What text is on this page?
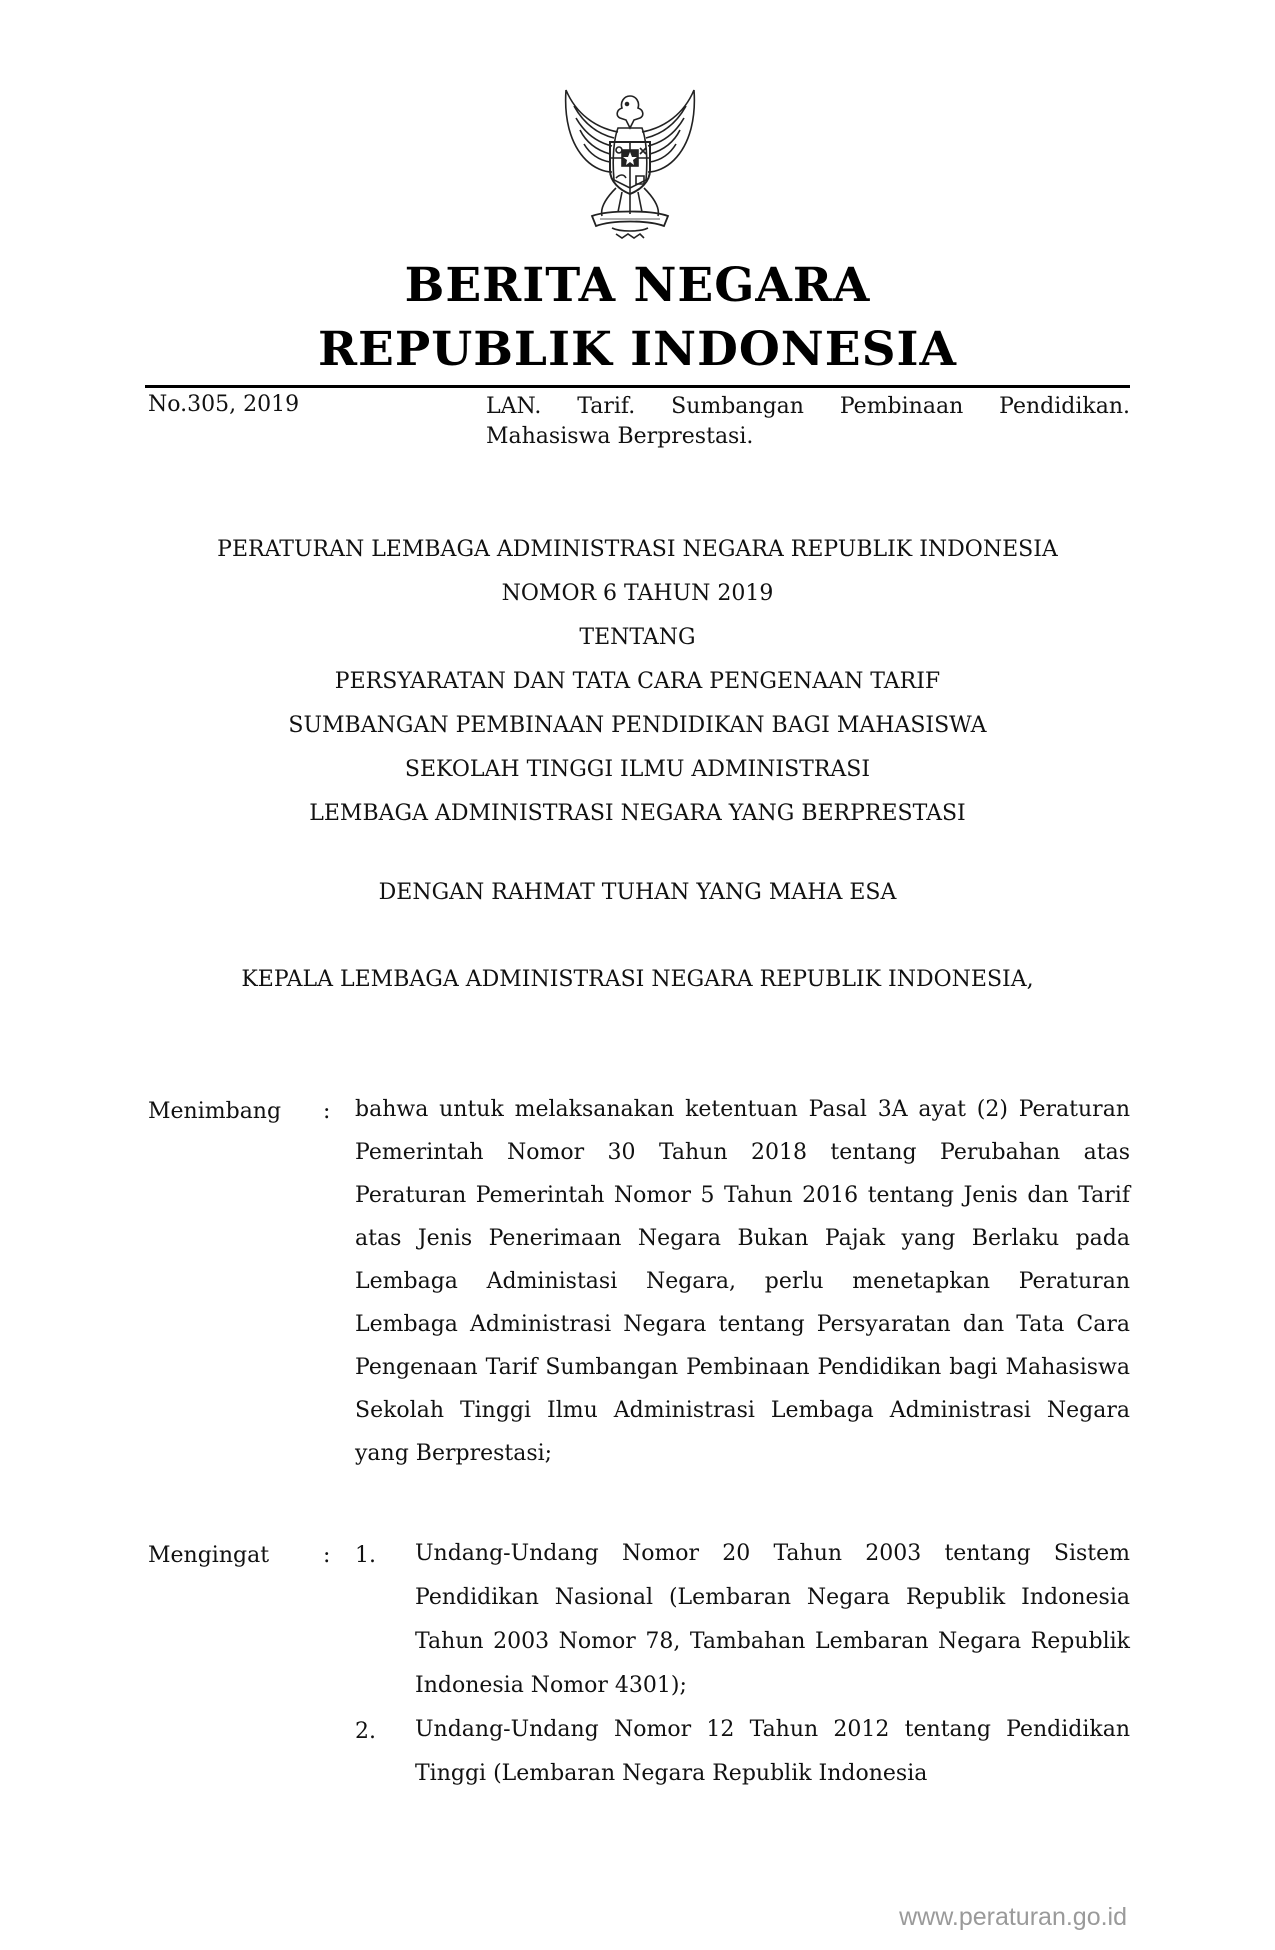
BERITA NEGARA
REPUBLIK INDONESIA
No.305, 2019	LAN. Tarif. Sumbangan Pembinaan Pendidikan. Mahasiswa Berprestasi.
PERATURAN LEMBAGA ADMINISTRASI NEGARA REPUBLIK INDONESIA
NOMOR 6 TAHUN 2019
TENTANG
PERSYARATAN DAN TATA CARA PENGENAAN TARIF
SUMBANGAN PEMBINAAN PENDIDIKAN BAGI MAHASISWA
SEKOLAH TINGGI ILMU ADMINISTRASI
LEMBAGA ADMINISTRASI NEGARA YANG BERPRESTASI
DENGAN RAHMAT TUHAN YANG MAHA ESA
KEPALA LEMBAGA ADMINISTRASI NEGARA REPUBLIK INDONESIA,
Menimbang : bahwa untuk melaksanakan ketentuan Pasal 3A ayat (2) Peraturan Pemerintah Nomor 30 Tahun 2018 tentang Perubahan atas Peraturan Pemerintah Nomor 5 Tahun 2016 tentang Jenis dan Tarif atas Jenis Penerimaan Negara Bukan Pajak yang Berlaku pada Lembaga Administasi Negara, perlu menetapkan Peraturan Lembaga Administrasi Negara tentang Persyaratan dan Tata Cara Pengenaan Tarif Sumbangan Pembinaan Pendidikan bagi Mahasiswa Sekolah Tinggi Ilmu Administrasi Lembaga Administrasi Negara yang Berprestasi;
Mengingat : 1. Undang-Undang Nomor 20 Tahun 2003 tentang Sistem Pendidikan Nasional (Lembaran Negara Republik Indonesia Tahun 2003 Nomor 78, Tambahan Lembaran Negara Republik Indonesia Nomor 4301);
2. Undang-Undang Nomor 12 Tahun 2012 tentang Pendidikan Tinggi (Lembaran Negara Republik Indonesia
www.peraturan.go.id
